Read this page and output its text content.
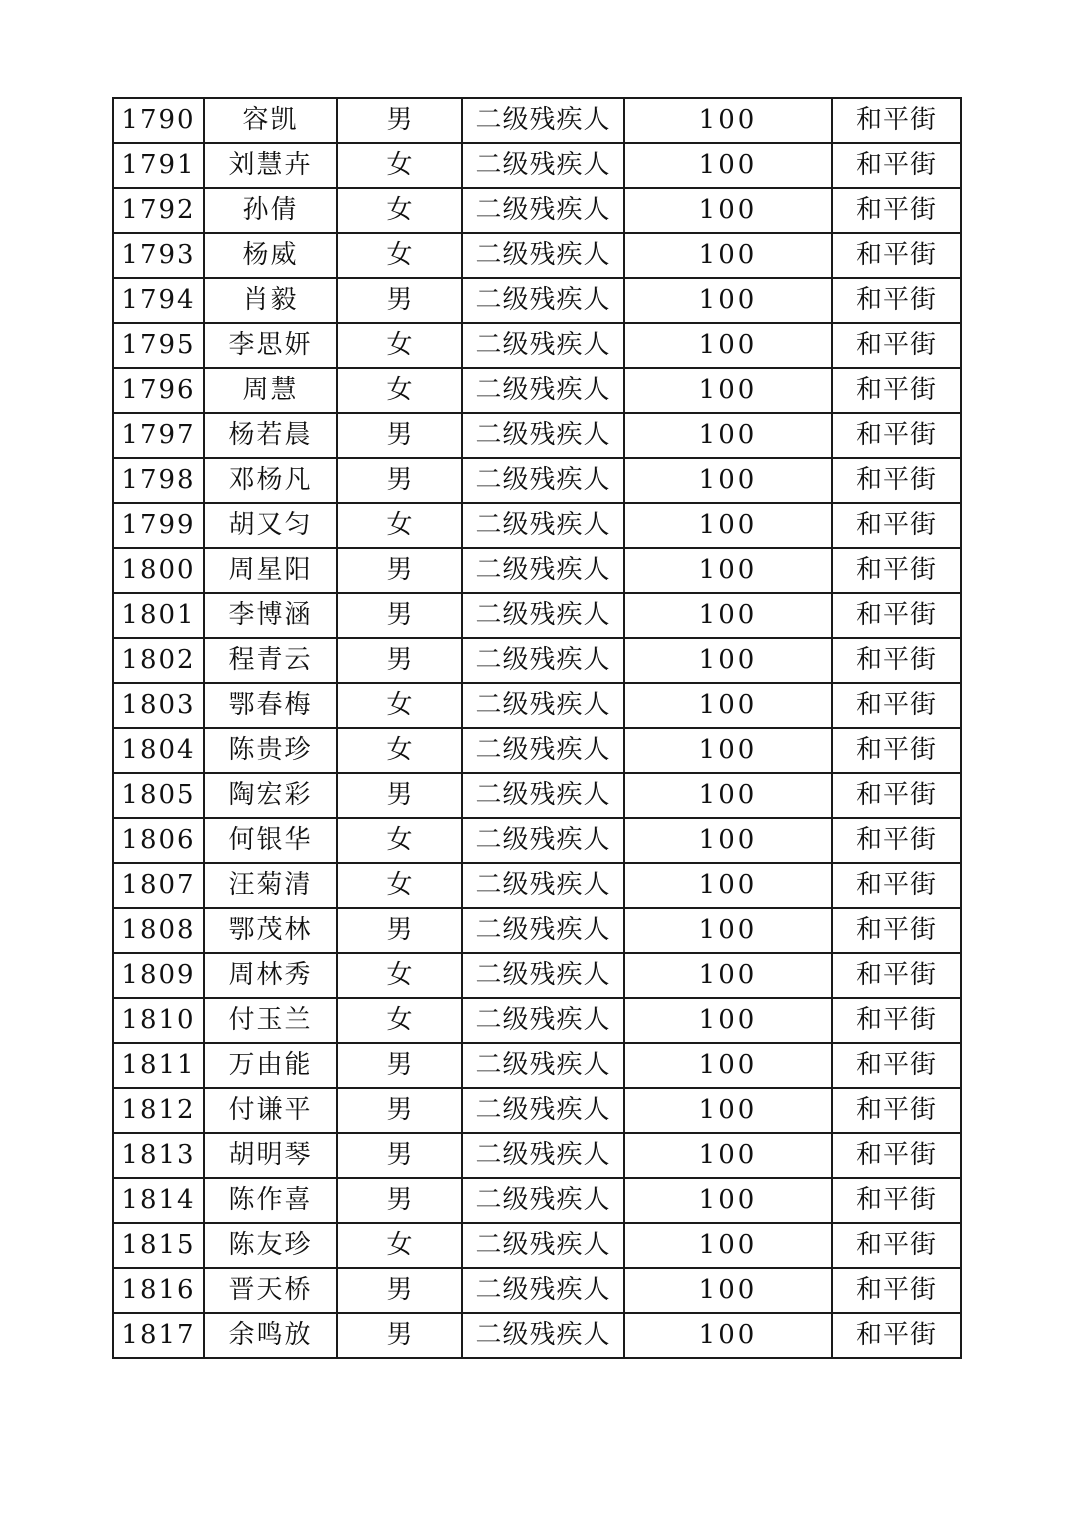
1790	容凯	男	二级残疾人	100	和平街
1791	刘慧卉	女	二级残疾人	100	和平街
1792	孙倩	女	二级残疾人	100	和平街
1793	杨威	女	二级残疾人	100	和平街
1794	肖毅	男	二级残疾人	100	和平街
1795	李思妍	女	二级残疾人	100	和平街
1796	周慧	女	二级残疾人	100	和平街
1797	杨若晨	男	二级残疾人	100	和平街
1798	邓杨凡	男	二级残疾人	100	和平街
1799	胡又匀	女	二级残疾人	100	和平街
1800	周星阳	男	二级残疾人	100	和平街
1801	李博涵	男	二级残疾人	100	和平街
1802	程青云	男	二级残疾人	100	和平街
1803	鄂春梅	女	二级残疾人	100	和平街
1804	陈贵珍	女	二级残疾人	100	和平街
1805	陶宏彩	男	二级残疾人	100	和平街
1806	何银华	女	二级残疾人	100	和平街
1807	汪菊清	女	二级残疾人	100	和平街
1808	鄂茂林	男	二级残疾人	100	和平街
1809	周林秀	女	二级残疾人	100	和平街
1810	付玉兰	女	二级残疾人	100	和平街
1811	万由能	男	二级残疾人	100	和平街
1812	付谦平	男	二级残疾人	100	和平街
1813	胡明琴	男	二级残疾人	100	和平街
1814	陈作喜	男	二级残疾人	100	和平街
1815	陈友珍	女	二级残疾人	100	和平街
1816	晋天桥	男	二级残疾人	100	和平街
1817	余鸣放	男	二级残疾人	100	和平街
